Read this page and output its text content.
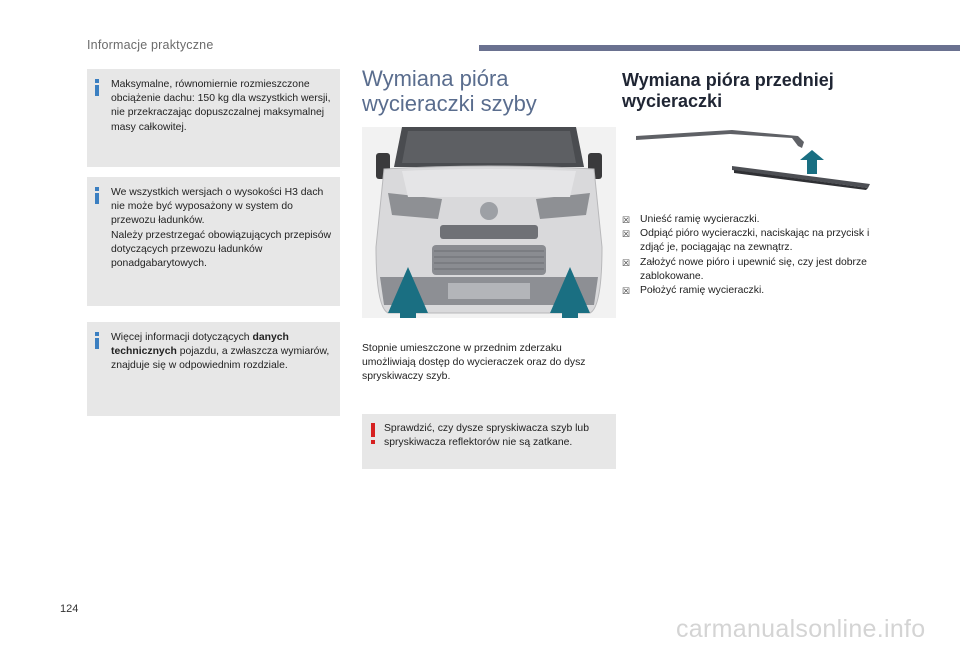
Informacje praktyczne

Maksymalne, równomiernie rozmieszczone obciążenie dachu: 150 kg dla wszystkich wersji, nie przekraczając dopuszczalnej maksymalnej masy całkowitej.

We wszystkich wersjach o wysokości H3 dach nie może być wyposażony w system do przewozu ładunków.
Należy przestrzegać obowiązujących przepisów dotyczących przewozu ładunków ponadgabarytowych.

Więcej informacji dotyczących danych technicznych pojazdu, a zwłaszcza wymiarów, znajduje się w odpowiednim rozdziale.

Wymiana pióra
wycieraczki szyby

Stopnie umieszczone w przednim zderzaku umożliwiają dostęp do wycieraczek oraz do dysz spryskiwaczy szyb.

Sprawdzić, czy dysze spryskiwacza szyb lub spryskiwacza reflektorów nie są zatkane.

Wymiana pióra przedniej
wycieraczki
☒ Unieść ramię wycieraczki.
☒ Odpiąć pióro wycieraczki, naciskając na przycisk i zdjąć je, pociągając na zewnątrz.
☒ Założyć nowe pióro i upewnić się, czy jest dobrze zablokowane.
☒ Położyć ramię wycieraczki.
124
carmanualsonline.info
